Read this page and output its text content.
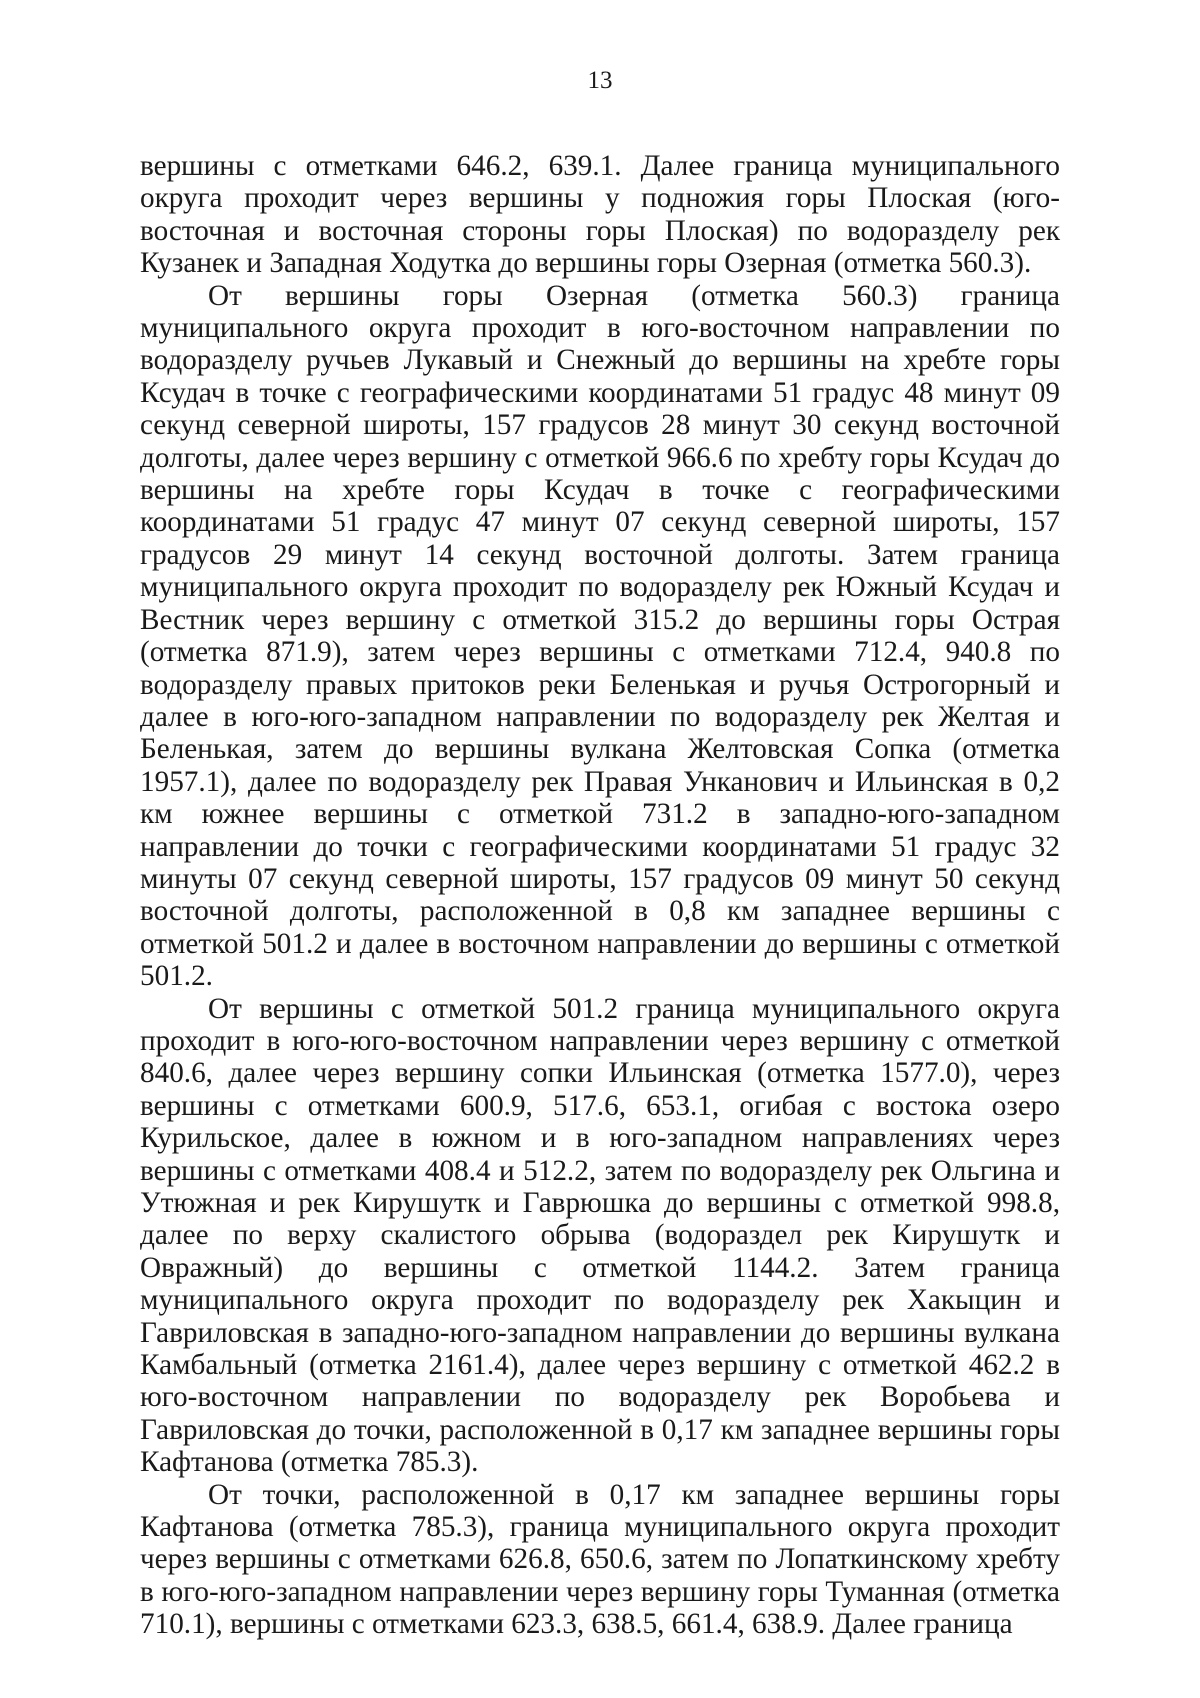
13

вершины с отметками 646.2, 639.1. Далее граница муниципального округа проходит через вершины у подножия горы Плоская (юго-восточная и восточная стороны горы Плоская) по водоразделу рек Кузанек и Западная Ходутка до вершины горы Озерная (отметка 560.3).

От вершины горы Озерная (отметка 560.3) граница муниципального округа проходит в юго-восточном направлении по водоразделу ручьев Лукавый и Снежный до вершины на хребте горы Ксудач в точке с географическими координатами 51 градус 48 минут 09 секунд северной широты, 157 градусов 28 минут 30 секунд восточной долготы, далее через вершину с отметкой 966.6 по хребту горы Ксудач до вершины на хребте горы Ксудач в точке с географическими координатами 51 градус 47 минут 07 секунд северной широты, 157 градусов 29 минут 14 секунд восточной долготы. Затем граница муниципального округа проходит по водоразделу рек Южный Ксудач и Вестник через вершину с отметкой 315.2 до вершины горы Острая (отметка 871.9), затем через вершины с отметками 712.4, 940.8 по водоразделу правых притоков реки Беленькая и ручья Острогорный и далее в юго-юго-западном направлении по водоразделу рек Желтая и Беленькая, затем до вершины вулкана Желтовская Сопка (отметка 1957.1), далее по водоразделу рек Правая Унканович и Ильинская в 0,2 км южнее вершины с отметкой 731.2 в западно-юго-западном направлении до точки с географическими координатами 51 градус 32 минуты 07 секунд северной широты, 157 градусов 09 минут 50 секунд восточной долготы, расположенной в 0,8 км западнее вершины с отметкой 501.2 и далее в восточном направлении до вершины с отметкой 501.2.

От вершины с отметкой 501.2 граница муниципального округа проходит в юго-юго-восточном направлении через вершину с отметкой 840.6, далее через вершину сопки Ильинская (отметка 1577.0), через вершины с отметками 600.9, 517.6, 653.1, огибая с востока озеро Курильское, далее в южном и в юго-западном направлениях через вершины с отметками 408.4 и 512.2, затем по водоразделу рек Ольгина и Утюжная и рек Кирушутк и Гаврюшка до вершины с отметкой 998.8, далее по верху скалистого обрыва (водораздел рек Кирушутк и Овражный) до вершины с отметкой 1144.2. Затем граница муниципального округа проходит по водоразделу рек Хакыцин и Гавриловская в западно-юго-западном направлении до вершины вулкана Камбальный (отметка 2161.4), далее через вершину с отметкой 462.2 в юго-восточном направлении по водоразделу рек Воробьева и Гавриловская до точки, расположенной в 0,17 км западнее вершины горы Кафтанова (отметка 785.3).

От точки, расположенной в 0,17 км западнее вершины горы Кафтанова (отметка 785.3), граница муниципального округа проходит через вершины с отметками 626.8, 650.6, затем по Лопаткинскому хребту в юго-юго-западном направлении через вершину горы Туманная (отметка 710.1), вершины с отметками 623.3, 638.5, 661.4, 638.9. Далее граница
